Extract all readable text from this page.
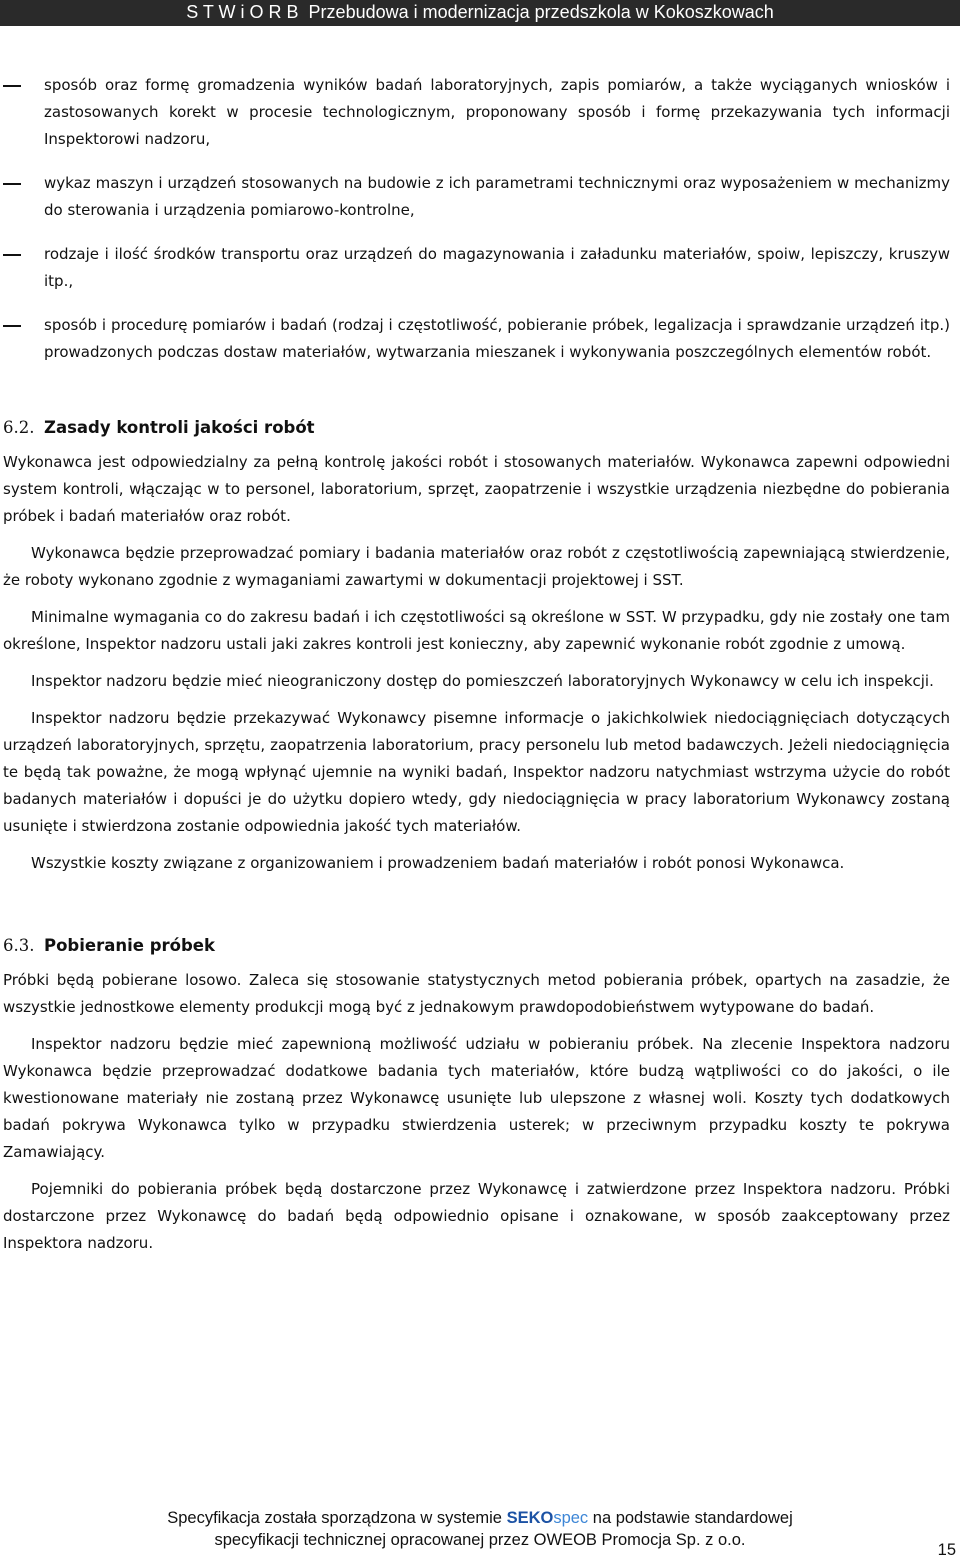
S T W i O R B  Przebudowa i modernizacja przedszkola w Kokoszkowach
sposób oraz formę gromadzenia wyników badań laboratoryjnych, zapis pomiarów, a także wyciąganych wniosków i zastosowanych korekt w procesie technologicznym, proponowany sposób i formę przekazywania tych informacji Inspektorowi nadzoru,
wykaz maszyn i urządzeń stosowanych na budowie z ich parametrami technicznymi oraz wyposażeniem w mechanizmy do sterowania i urządzenia pomiarowo-kontrolne,
rodzaje i ilość środków transportu oraz urządzeń do magazynowania i załadunku materiałów, spoiw, lepiszczy, kruszyw itp.,
sposób i procedurę pomiarów i badań (rodzaj i częstotliwość, pobieranie próbek, legalizacja i sprawdzanie urządzeń itp.) prowadzonych podczas dostaw materiałów, wytwarzania mieszanek i wykonywania poszczególnych elementów robót.
6.2. Zasady kontroli jakości robót

Wykonawca jest odpowiedzialny za pełną kontrolę jakości robót i stosowanych materiałów. Wykonawca zapewni odpowiedni system kontroli, włączając w to personel, laboratorium, sprzęt, zaopatrzenie i wszystkie urządzenia niezbędne do pobierania próbek i badań materiałów oraz robót.

Wykonawca będzie przeprowadzać pomiary i badania materiałów oraz robót z częstotliwością zapewniającą stwierdzenie, że roboty wykonano zgodnie z wymaganiami zawartymi w dokumentacji projektowej i SST.

Minimalne wymagania co do zakresu badań i ich częstotliwości są określone w SST. W przypadku, gdy nie zostały one tam określone, Inspektor nadzoru ustali jaki zakres kontroli jest konieczny, aby zapewnić wykonanie robót zgodnie z umową.

Inspektor nadzoru będzie mieć nieograniczony dostęp do pomieszczeń laboratoryjnych Wykonawcy w celu ich inspekcji.

Inspektor nadzoru będzie przekazywać Wykonawcy pisemne informacje o jakichkolwiek niedociągnięciach dotyczących urządzeń laboratoryjnych, sprzętu, zaopatrzenia laboratorium, pracy personelu lub metod badawczych. Jeżeli niedociągnięcia te będą tak poważne, że mogą wpłynąć ujemnie na wyniki badań, Inspektor nadzoru natychmiast wstrzyma użycie do robót badanych materiałów i dopuści je do użytku dopiero wtedy, gdy niedociągnięcia w pracy laboratorium Wykonawcy zostaną usunięte i stwierdzona zostanie odpowiednia jakość tych materiałów.

Wszystkie koszty związane z organizowaniem i prowadzeniem badań materiałów i robót ponosi Wykonawca.

6.3. Pobieranie próbek

Próbki będą pobierane losowo. Zaleca się stosowanie statystycznych metod pobierania próbek, opartych na zasadzie, że wszystkie jednostkowe elementy produkcji mogą być z jednakowym prawdopodobieństwem wytypowane do badań.

Inspektor nadzoru będzie mieć zapewnioną możliwość udziału w pobieraniu próbek. Na zlecenie Inspektora nadzoru Wykonawca będzie przeprowadzać dodatkowe badania tych materiałów, które budzą wątpliwości co do jakości, o ile kwestionowane materiały nie zostaną przez Wykonawcę usunięte lub ulepszone z własnej woli. Koszty tych dodatkowych badań pokrywa Wykonawca tylko w przypadku stwierdzenia usterek; w przeciwnym przypadku koszty te pokrywa Zamawiający.

Pojemniki do pobierania próbek będą dostarczone przez Wykonawcę i zatwierdzone przez Inspektora nadzoru. Próbki dostarczone przez Wykonawcę do badań będą odpowiednio opisane i oznakowane, w sposób zaakceptowany przez Inspektora nadzoru.

Specyfikacja została sporządzona w systemie SEKOspec na podstawie standardowej
specyfikacji technicznej opracowanej przez OWEOB Promocja Sp. z o.o.
15
